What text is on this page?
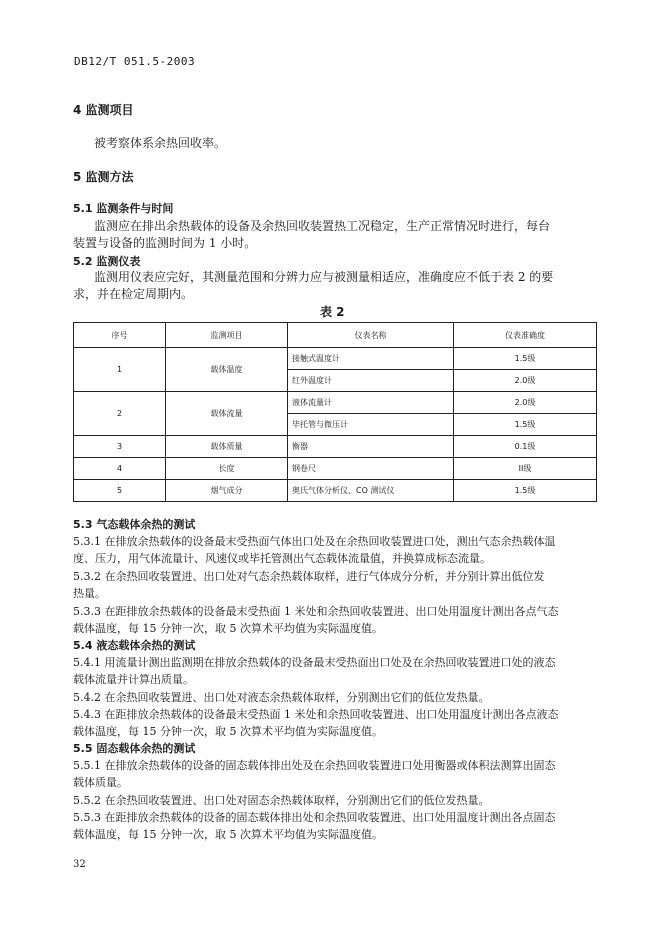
DB12/T 051.5-2003
4 监测项目
被考察体系余热回收率。
5 监测方法
5.1 监测条件与时间
监测应在排出余热载体的设备及余热回收装置热工况稳定，生产正常情况时进行，每台
装置与设备的监测时间为 1 小时。
5.2 监测仪表
监测用仪表应完好，其测量范围和分辨力应与被测量相适应，准确度应不低于表 2 的要
求，并在检定周期内。
表 2
序号	监测项目	仪表名称	仪表准确度
1	载体温度	接触式温度计	1.5级
		红外温度计	2.0级
2	载体流量	液体流量计	2.0级
		毕托管与微压计	1.5级
3	载体质量	衡器	0.1级
4	长度	钢卷尺	II级
5	烟气成分	奥氏气体分析仪、CO 测试仪	1.5级
5.3 气态载体余热的测试
5.3.1 在排放余热载体的设备最末受热面气体出口处及在余热回收装置进口处，测出气态余热载体温
度、压力，用气体流量计、风速仪或毕托管测出气态载体流量值，并换算成标态流量。
5.3.2 在余热回收装置进、出口处对气态余热载体取样，进行气体成分分析，并分别计算出低位发
热量。
5.3.3 在距排放余热载体的设备最末受热面 1 米处和余热回收装置进、出口处用温度计测出各点气态
载体温度，每 15 分钟一次，取 5 次算术平均值为实际温度值。
5.4 液态载体余热的测试
5.4.1 用流量计测出监测期在排放余热载体的设备最末受热面出口处及在余热回收装置进口处的液态
载体流量并计算出质量。
5.4.2 在余热回收装置进、出口处对液态余热载体取样，分别测出它们的低位发热量。
5.4.3 在距排放余热载体的设备最末受热面 1 米处和余热回收装置进、出口处用温度计测出各点液态
载体温度，每 15 分钟一次，取 5 次算术平均值为实际温度值。
5.5 固态载体余热的测试
5.5.1 在排放余热载体的设备的固态载体排出处及在余热回收装置进口处用衡器或体积法测算出固态
载体质量。
5.5.2 在余热回收装置进、出口处对固态余热载体取样，分别测出它们的低位发热量。
5.5.3 在距排放余热载体的设备的固态载体排出处和余热回收装置进、出口处用温度计测出各点固态
载体温度，每 15 分钟一次，取 5 次算术平均值为实际温度值。
32
